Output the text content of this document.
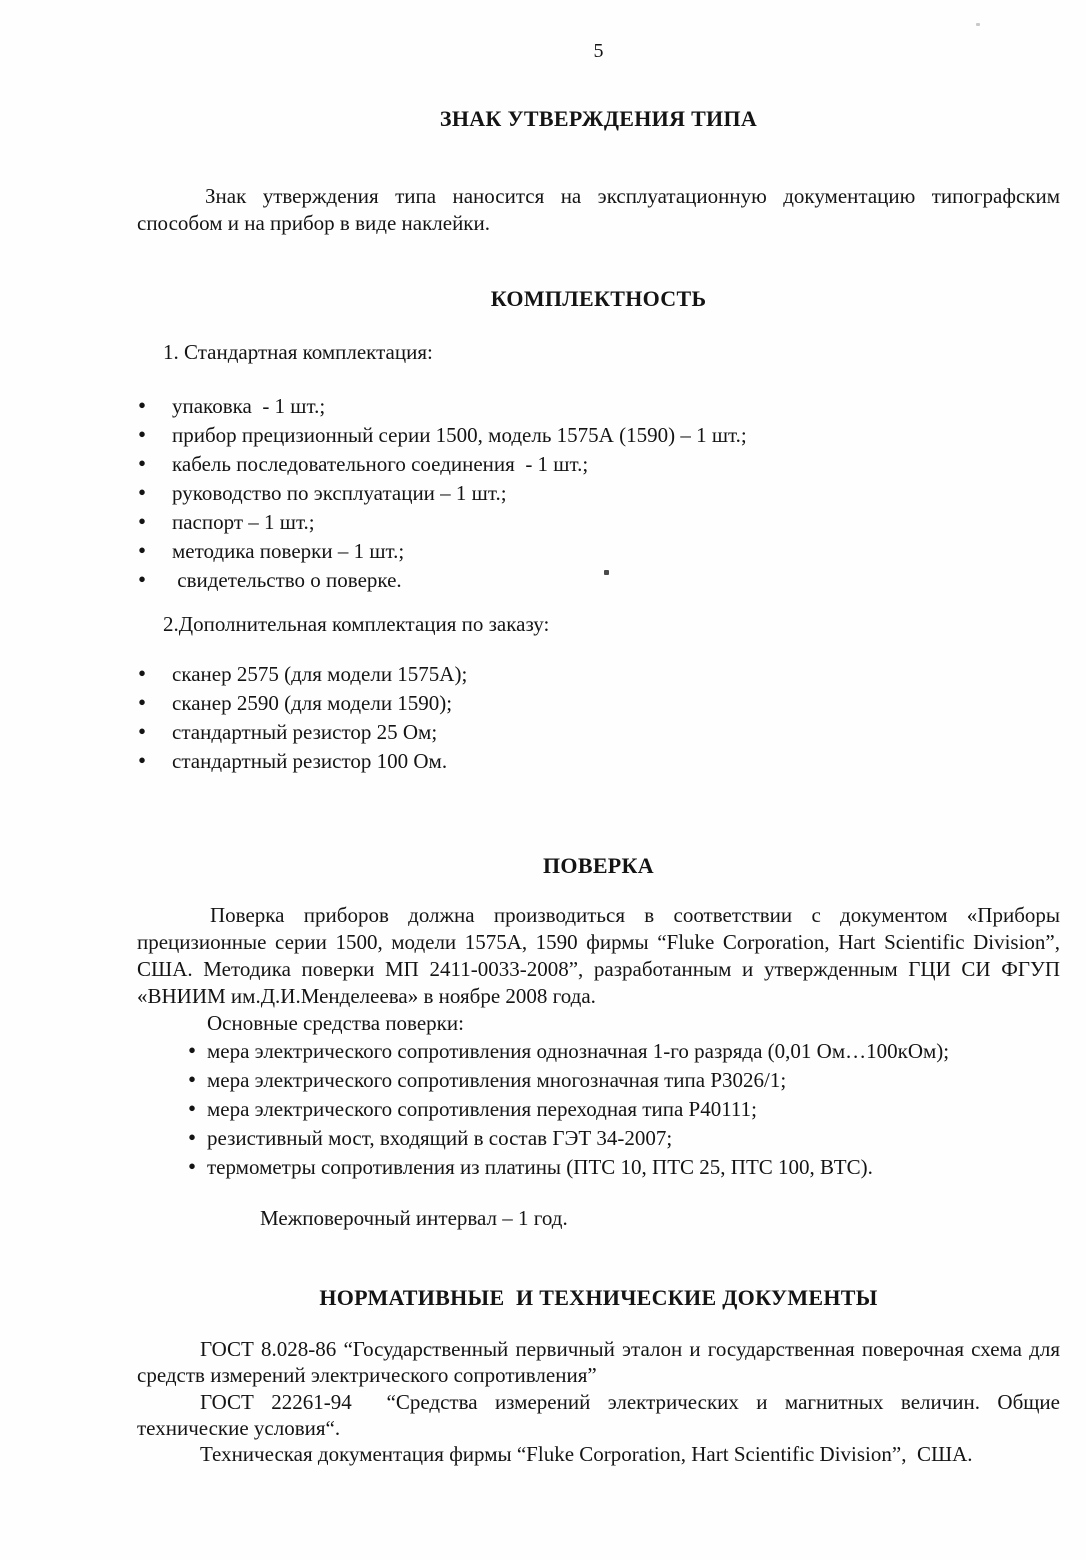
5
ЗНАК УТВЕРЖДЕНИЯ ТИПА

Знак утверждения типа наносится на эксплуатационную документацию типографским способом и на прибор в виде наклейки.

КОМПЛЕКТНОСТЬ
1. Стандартная комплектация:
•	упаковка  - 1 шт.;
•	прибор прецизионный серии 1500, модель 1575А (1590) – 1 шт.;
•	кабель последовательного соединения  - 1 шт.;
•	руководство по эксплуатации – 1 шт.;
•	паспорт – 1 шт.;
•	методика поверки – 1 шт.;
•	свидетельство о поверке.
2.Дополнительная комплектация по заказу:
•	сканер 2575 (для модели 1575А);
•	сканер 2590 (для модели 1590);
•	стандартный резистор 25 Ом;
•	стандартный резистор 100 Ом.
ПОВЕРКА

Поверка приборов должна производиться в соответствии с документом «Приборы прецизионные серии 1500, модели 1575А, 1590 фирмы “Fluke Corporation, Hart Scientific Division”, США. Методика поверки МП 2411-0033-2008”, разработанным и утвержденным ГЦИ СИ ФГУП «ВНИИМ им.Д.И.Менделеева» в ноябре 2008 года.

Основные средства поверки:
• мера электрического сопротивления однозначная 1-го разряда (0,01 Ом…100кОм);
• мера электрического сопротивления многозначная типа Р3026/1;
• мера электрического сопротивления переходная типа Р40111;
• резистивный мост, входящий в состав ГЭТ 34-2007;
• термометры сопротивления из платины (ПТС 10, ПТС 25, ПТС 100, ВТС).
Межповерочный интервал – 1 год.
НОРМАТИВНЫЕ  И ТЕХНИЧЕСКИЕ ДОКУМЕНТЫ

ГОСТ 8.028-86 “Государственный первичный эталон и государственная поверочная схема для средств измерений электрического сопротивления”

ГОСТ 22261-94  “Средства измерений электрических и магнитных величин. Общие технические условия“.

Техническая документация фирмы “Fluke Corporation, Hart Scientific Division”,  США.
